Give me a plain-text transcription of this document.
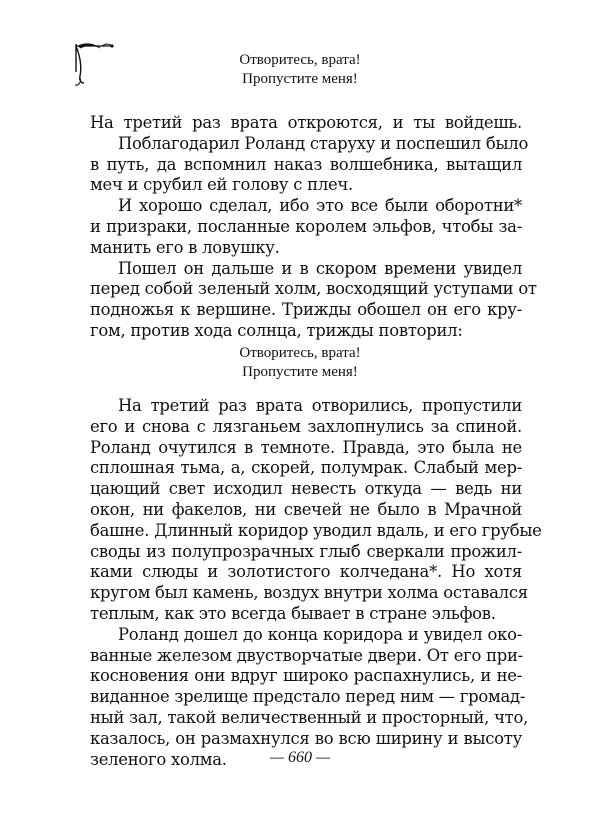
Отворитесь, врата!
Пропустите меня!
На третий раз врата откроются, и ты войдешь.
Поблагодарил Роланд старуху и поспешил было
в путь, да вспомнил наказ волшебника, вытащил
меч и срубил ей голову с плеч.
И хорошо сделал, ибо это все были оборотни*
и призраки, посланные королем эльфов, чтобы за-
манить его в ловушку.
Пошел он дальше и в скором времени увидел
перед собой зеленый холм, восходящий уступами от
подножья к вершине. Трижды обошел он его кру-
гом, против хода солнца, трижды повторил:
Отворитесь, врата!
Пропустите меня!
На третий раз врата отворились, пропустили
его и снова с лязганьем захлопнулись за спиной.
Роланд очутился в темноте. Правда, это была не
сплошная тьма, а, скорей, полумрак. Слабый мер-
цающий свет исходил невесть откуда — ведь ни
окон, ни факелов, ни свечей не было в Мрачной
башне. Длинный коридор уводил вдаль, и его грубые
своды из полупрозрачных глыб сверкали прожил-
ками слюды и золотистого колчедана*. Но хотя
кругом был камень, воздух внутри холма оставался
теплым, как это всегда бывает в стране эльфов.
Роланд дошел до конца коридора и увидел око-
ванные железом двустворчатые двери. От его при-
косновения они вдруг широко распахнулись, и не-
виданное зрелище предстало перед ним — громад-
ный зал, такой величественный и просторный, что,
казалось, он размахнулся во всю ширину и высоту
зеленого холма.	— 660 —
